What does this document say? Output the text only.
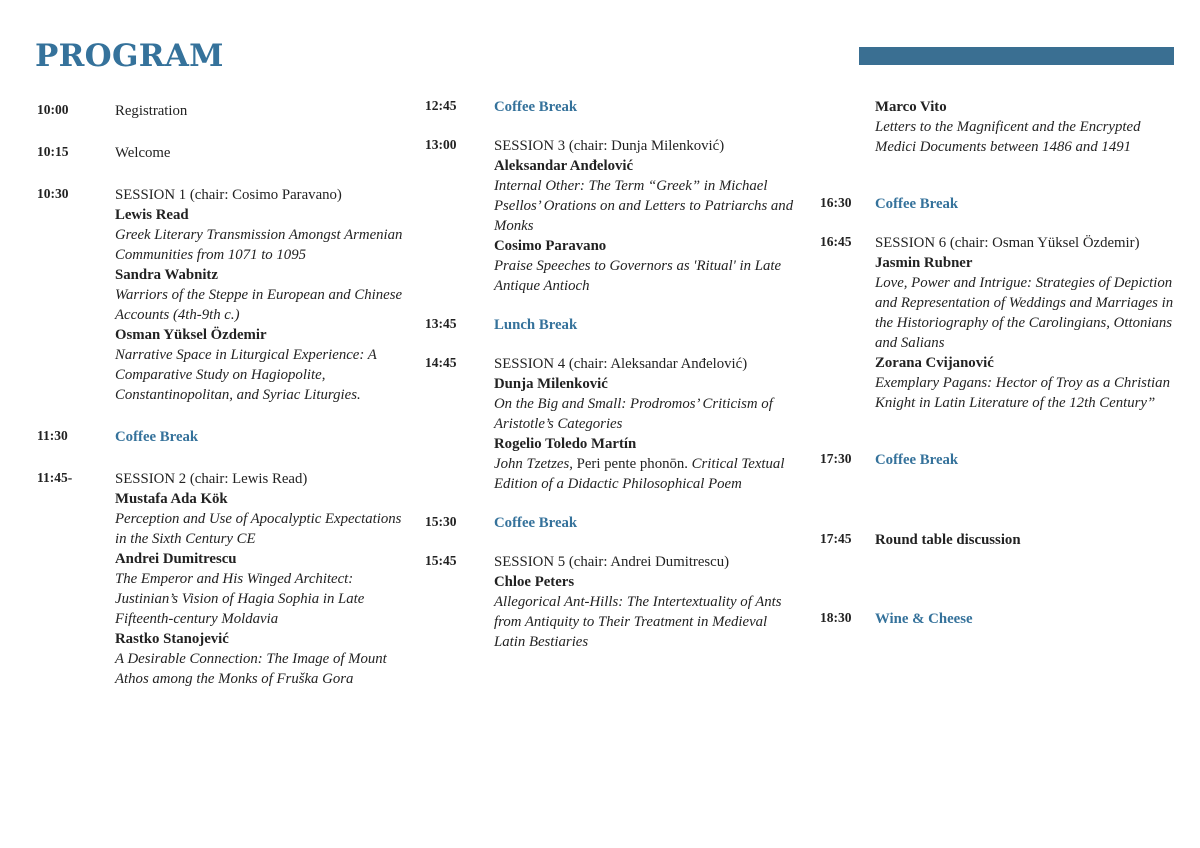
PROGRAM
10:00	Registration
10:15	Welcome
10:30	SESSION 1 (chair: Cosimo Paravano)
Lewis Read
Greek Literary Transmission Amongst Armenian Communities from 1071 to 1095
Sandra Wabnitz
Warriors of the Steppe in European and Chinese Accounts (4th-9th c.)
Osman Yüksel Özdemir
Narrative Space in Liturgical Experience: A Comparative Study on Hagiopolite, Constantinopolitan, and Syriac Liturgies.
11:30	Coffee Break
11:45-	SESSION 2 (chair: Lewis Read)
Mustafa Ada Kök
Perception and Use of Apocalyptic Expectations in the Sixth Century CE
Andrei Dumitrescu
The Emperor and His Winged Architect: Justinian’s Vision of Hagia Sophia in Late Fifteenth-century Moldavia
Rastko Stanojević
A Desirable Connection: The Image of Mount Athos among the Monks of Fruška Gora
12:45	Coffee Break
13:00	SESSION 3 (chair: Dunja Milenković)
Aleksandar Anđelović
Internal Other: The Term “Greek” in Michael Psellos’ Orations on and Letters to Patriarchs and Monks
Cosimo Paravano
Praise Speeches to Governors as 'Ritual' in Late Antique Antioch
13:45	Lunch Break
14:45	SESSION 4 (chair: Aleksandar Anđelović)
Dunja Milenković
On the Big and Small: Prodromos’ Criticism of Aristotle’s Categories
Rogelio Toledo Martín
John Tzetzes, Peri pente phonōn. Critical Textual Edition of a Didactic Philosophical Poem
15:30	Coffee Break
15:45	SESSION 5 (chair: Andrei Dumitrescu)
Chloe Peters
Allegorical Ant-Hills: The Intertextuality of Ants from Antiquity to Their Treatment in Medieval Latin Bestiaries
Marco Vito
Letters to the Magnificent and the Encrypted Medici Documents between 1486 and 1491
16:30 Coffee Break
16:45 SESSION 6 (chair: Osman Yüksel Özdemir)
Jasmin Rubner
Love, Power and Intrigue: Strategies of Depiction and Representation of Weddings and Marriages in the Historiography of the Carolingians, Ottonians and Salians
Zorana Cvijanović
Exemplary Pagans: Hector of Troy as a Christian Knight in Latin Literature of the 12th Century”
17:30 Coffee Break
17:45 Round table discussion
18:30 Wine & Cheese
